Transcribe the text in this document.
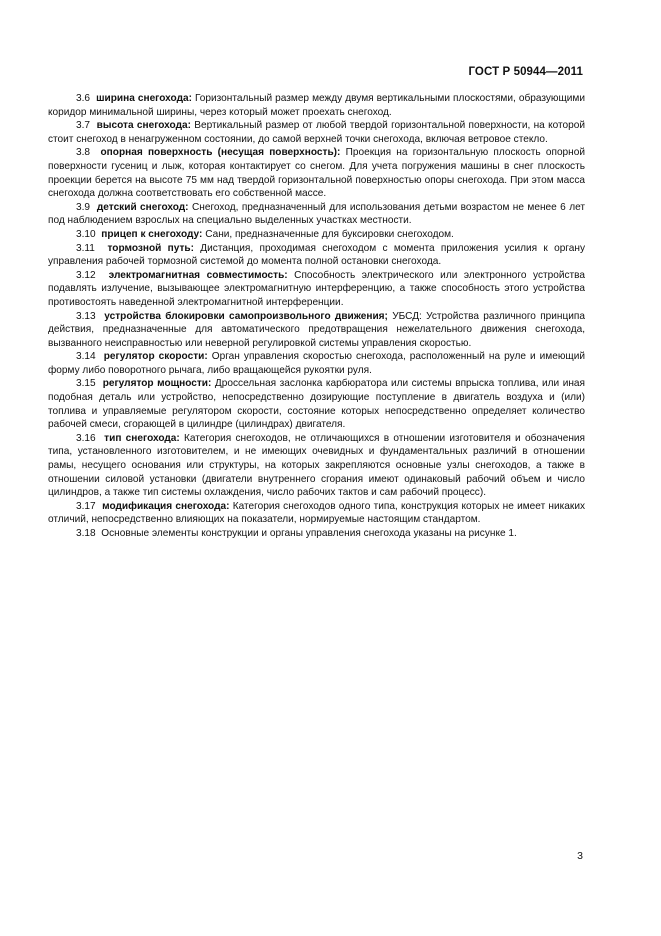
ГОСТ Р 50944—2011

3.6 ширина снегохода: Горизонтальный размер между двумя вертикальными плоскостями, образующими коридор минимальной ширины, через который может проехать снегоход.

3.7 высота снегохода: Вертикальный размер от любой твердой горизонтальной поверхности, на которой стоит снегоход в ненагруженном состоянии, до самой верхней точки снегохода, включая ветровое стекло.

3.8 опорная поверхность (несущая поверхность): Проекция на горизонтальную плоскость опорной поверхности гусениц и лыж, которая контактирует со снегом. Для учета погружения машины в снег плоскость проекции берется на высоте 75 мм над твердой горизонтальной поверхностью опоры снегохода. При этом масса снегохода должна соответствовать его собственной массе.

3.9 детский снегоход: Снегоход, предназначенный для использования детьми возрастом не менее 6 лет под наблюдением взрослых на специально выделенных участках местности.

3.10 прицеп к снегоходу: Сани, предназначенные для буксировки снегоходом.

3.11 тормозной путь: Дистанция, проходимая снегоходом с момента приложения усилия к органу управления рабочей тормозной системой до момента полной остановки снегохода.

3.12 электромагнитная совместимость: Способность электрического или электронного устройства подавлять излучение, вызывающее электромагнитную интерференцию, а также способность этого устройства противостоять наведенной электромагнитной интерференции.

3.13 устройства блокировки самопроизвольного движения; УБСД: Устройства различного принципа действия, предназначенные для автоматического предотвращения нежелательного движения снегохода, вызванного неисправностью или неверной регулировкой системы управления скоростью.

3.14 регулятор скорости: Орган управления скоростью снегохода, расположенный на руле и имеющий форму либо поворотного рычага, либо вращающейся рукоятки руля.

3.15 регулятор мощности: Дроссельная заслонка карбюратора или системы впрыска топлива, или иная подобная деталь или устройство, непосредственно дозирующие поступление в двигатель воздуха и (или) топлива и управляемые регулятором скорости, состояние которых непосредственно определяет количество рабочей смеси, сгорающей в цилиндре (цилиндрах) двигателя.

3.16 тип снегохода: Категория снегоходов, не отличающихся в отношении изготовителя и обозначения типа, установленного изготовителем, и не имеющих очевидных и фундаментальных различий в отношении рамы, несущего основания или структуры, на которых закрепляются основные узлы снегоходов, а также в отношении силовой установки (двигатели внутреннего сгорания имеют одинаковый рабочий объем и число цилиндров, а также тип системы охлаждения, число рабочих тактов и сам рабочий процесс).

3.17 модификация снегохода: Категория снегоходов одного типа, конструкция которых не имеет никаких отличий, непосредственно влияющих на показатели, нормируемые настоящим стандартом.

3.18 Основные элементы конструкции и органы управления снегохода указаны на рисунке 1.

3
